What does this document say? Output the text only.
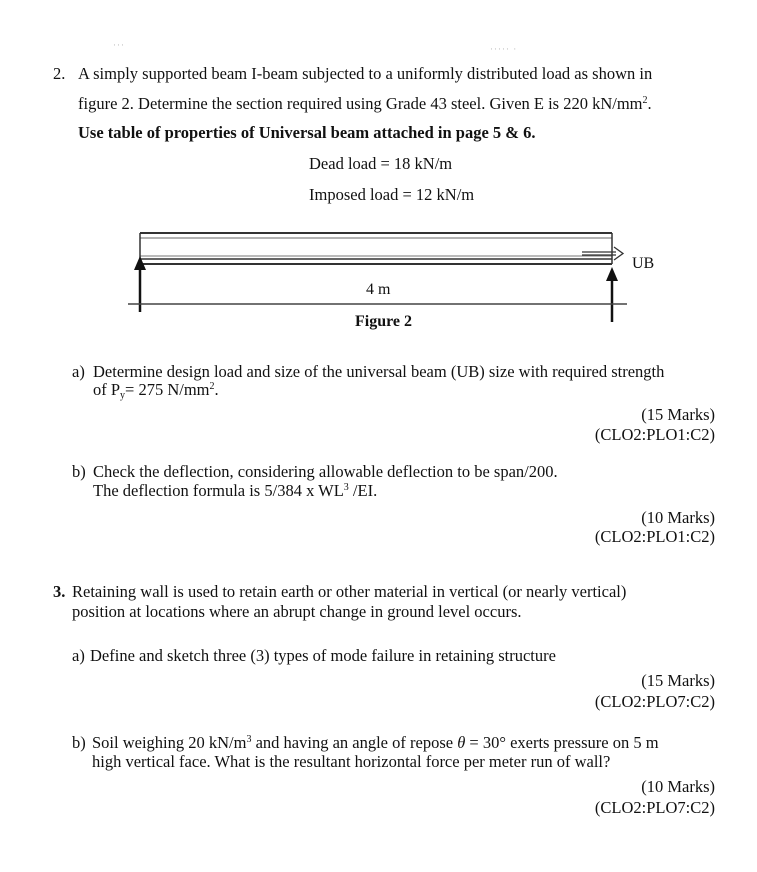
···	····· ·
2. A simply supported beam I-beam subjected to a uniformly distributed load as shown in
figure 2. Determine the section required using Grade 43 steel. Given E is 220 $kN/mm^2$.
Use table of properties of Universal beam attached in page 5 & 6.
Dead load = 18 kN/m
Imposed load = 12 kN/m
UB
4 m
Figure 2
a) Determine design load and size of the universal beam (UB) size with required strength
of $P_y= 275$ $N/mm^2$.
(15 Marks)
(CLO2:PLO1:C2)
b) Check the deflection, considering allowable deflection to be span/200.
The deflection formula is 5/384 x $WL^3$ /EI.
(10 Marks)
(CLO2:PLO1:C2)
3. Retaining wall is used to retain earth or other material in vertical (or nearly vertical)
position at locations where an abrupt change in ground level occurs.
a) Define and sketch three (3) types of mode failure in retaining structure
(15 Marks)
(CLO2:PLO7:C2)
b) Soil weighing 20 $kN/m^3$ and having an angle of repose θ = 30° exerts pressure on 5 m
high vertical face. What is the resultant horizontal force per meter run of wall?
(10 Marks)
(CLO2:PLO7:C2)
